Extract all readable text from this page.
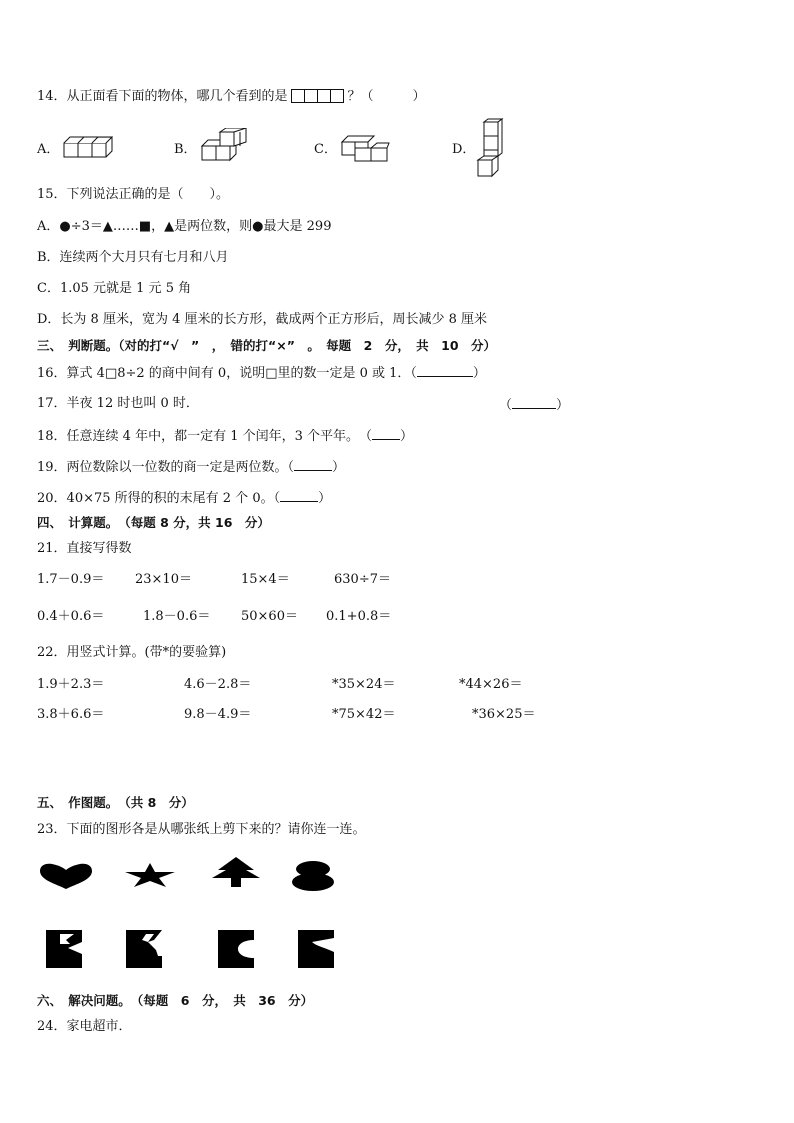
14．从正面看下面的物体，哪几个看到的是	？（　　　）
A．	B．	C．	D．
15．下列说法正确的是（　　）。
A．●÷3＝▲……■，▲是两位数，则●最大是 299
B．连续两个大月只有七月和八月
C．1.05 元就是 1 元 5 角
D．长为 8 厘米，宽为 4 厘米的长方形，截成两个正方形后，周长减少 8 厘米
三、　判断题。（对的打“√　”　，　错的打“×”　。　每题　2　分，　共　10　分）
16．算式 4□8÷2 的商中间有 0，说明□里的数一定是 0 或 1．（	）
17．半夜 12 时也叫 0 时．	（	）
18．任意连续 4 年中，都一定有 1 个闰年，3 个平年。　（ ）
19．两位数除以一位数的商一定是两位数。（	）
20．40×75 所得的积的末尾有 2 个 0。（	）
四、　计算题。　（每题 8 分，共 16　分）
21．直接写得数
1.7－0.9＝ 23×10＝	15×4＝	630÷7＝
0.4＋0.6＝	1.8－0.6＝ 50×60＝ 0.1+0.8＝
22．用竖式计算。(带*的要验算)
1.9＋2.3＝	4.6－2.8＝	*35×24＝	*44×26＝
3.8＋6.6＝	9.8－4.9＝	*75×42＝	*36×25＝
五、　作图题。　（共 8　分）
23．下面的图形各是从哪张纸上剪下来的？请你连一连。
六、　解决问题。　（每题　6　分，　共　36　分）
24．家电超市．
